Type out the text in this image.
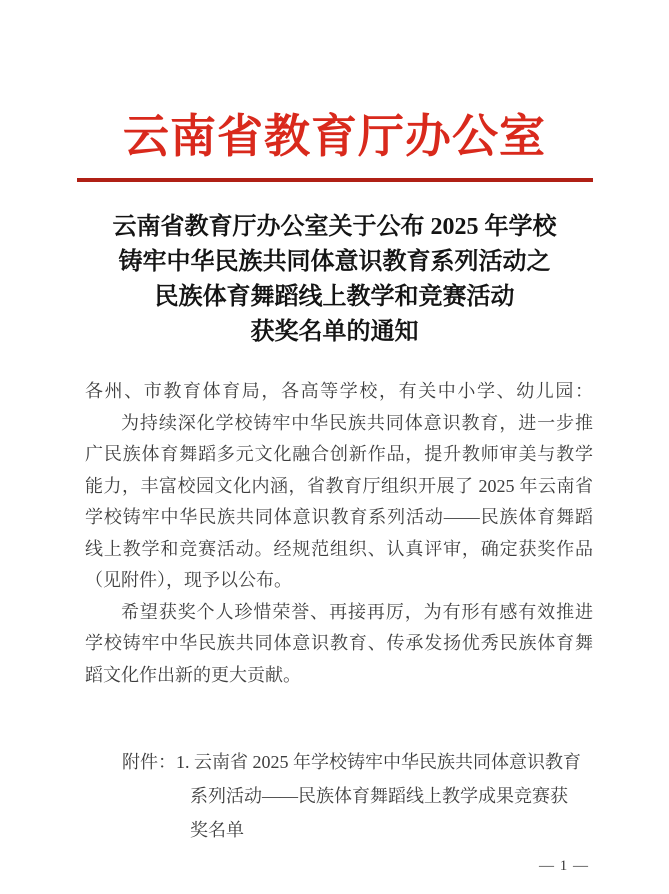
云南省教育厅办公室
云南省教育厅办公室关于公布 2025 年学校
铸牢中华民族共同体意识教育系列活动之
民族体育舞蹈线上教学和竞赛活动
获奖名单的通知
各州、市教育体育局，各高等学校，有关中小学、幼儿园：
为持续深化学校铸牢中华民族共同体意识教育，进一步推
广民族体育舞蹈多元文化融合创新作品，提升教师审美与教学
能力，丰富校园文化内涵，省教育厅组织开展了 2025 年云南省
学校铸牢中华民族共同体意识教育系列活动——民族体育舞蹈
线上教学和竞赛活动。经规范组织、认真评审，确定获奖作品
（见附件），现予以公布。
希望获奖个人珍惜荣誉、再接再厉，为有形有感有效推进
学校铸牢中华民族共同体意识教育、传承发扬优秀民族体育舞
蹈文化作出新的更大贡献。
附件：1. 云南省 2025 年学校铸牢中华民族共同体意识教育
系列活动——民族体育舞蹈线上教学成果竞赛获
奖名单
— 1 —
